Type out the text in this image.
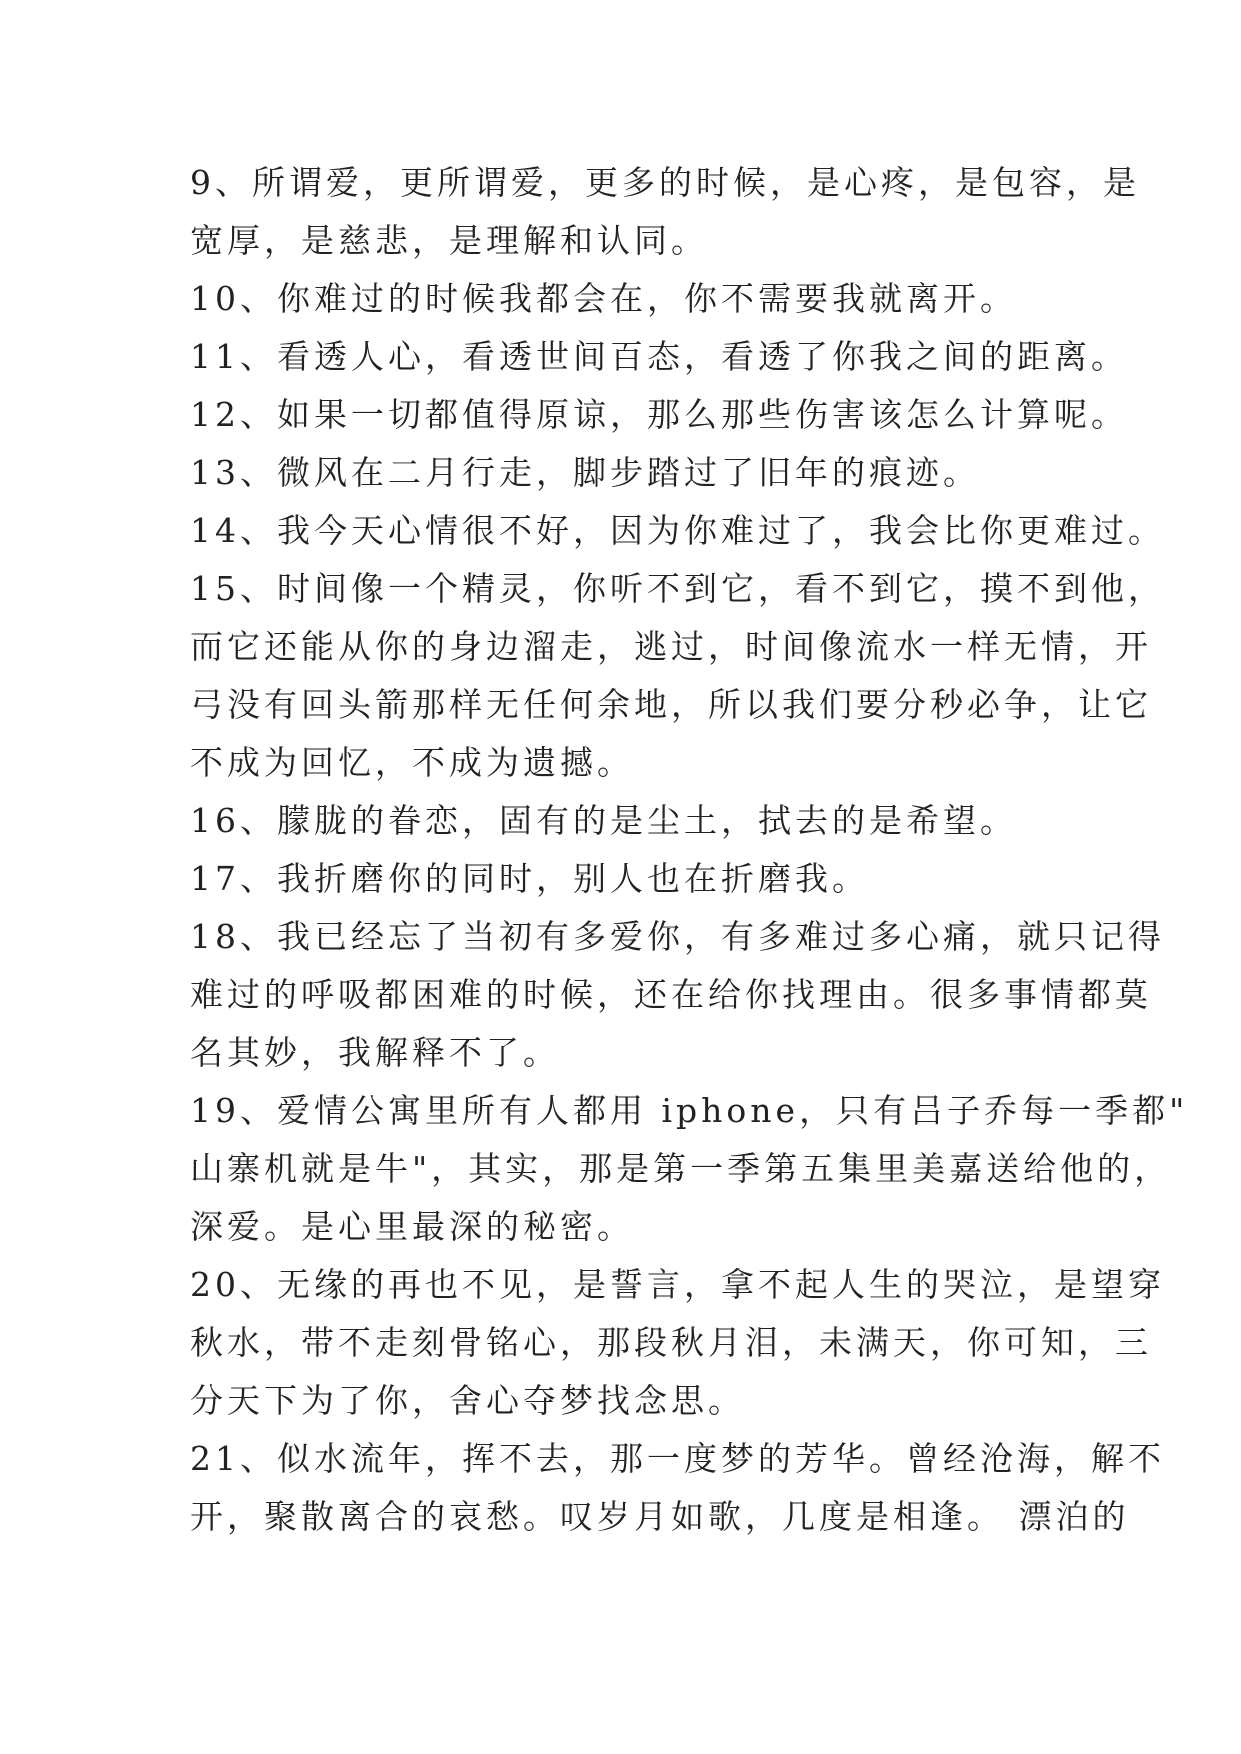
9、所谓爱，更所谓爱，更多的时候，是心疼，是包容，是
宽厚，是慈悲，是理解和认同。
10、你难过的时候我都会在，你不需要我就离开。
11、看透人心，看透世间百态，看透了你我之间的距离。
12、如果一切都值得原谅，那么那些伤害该怎么计算呢。
13、微风在二月行走，脚步踏过了旧年的痕迹。
14、我今天心情很不好，因为你难过了，我会比你更难过。
15、时间像一个精灵，你听不到它，看不到它，摸不到他，
而它还能从你的身边溜走，逃过，时间像流水一样无情，开
弓没有回头箭那样无任何余地，所以我们要分秒必争，让它
不成为回忆，不成为遗撼。
16、朦胧的眷恋，固有的是尘土，拭去的是希望。
17、我折磨你的同时，别人也在折磨我。
18、我已经忘了当初有多爱你，有多难过多心痛，就只记得
难过的呼吸都困难的时候，还在给你找理由。很多事情都莫
名其妙，我解释不了。
19、爱情公寓里所有人都用 iphone，只有吕子乔每一季都"
山寨机就是牛"，其实，那是第一季第五集里美嘉送给他的，
深爱。是心里最深的秘密。
20、无缘的再也不见，是誓言，拿不起人生的哭泣，是望穿
秋水，带不走刻骨铭心，那段秋月泪，未满天，你可知，三
分天下为了你，舍心夺梦找念思。
21、似水流年，挥不去，那一度梦的芳华。曾经沧海，解不
开，聚散离合的哀愁。叹岁月如歌，几度是相逢。 漂泊的
